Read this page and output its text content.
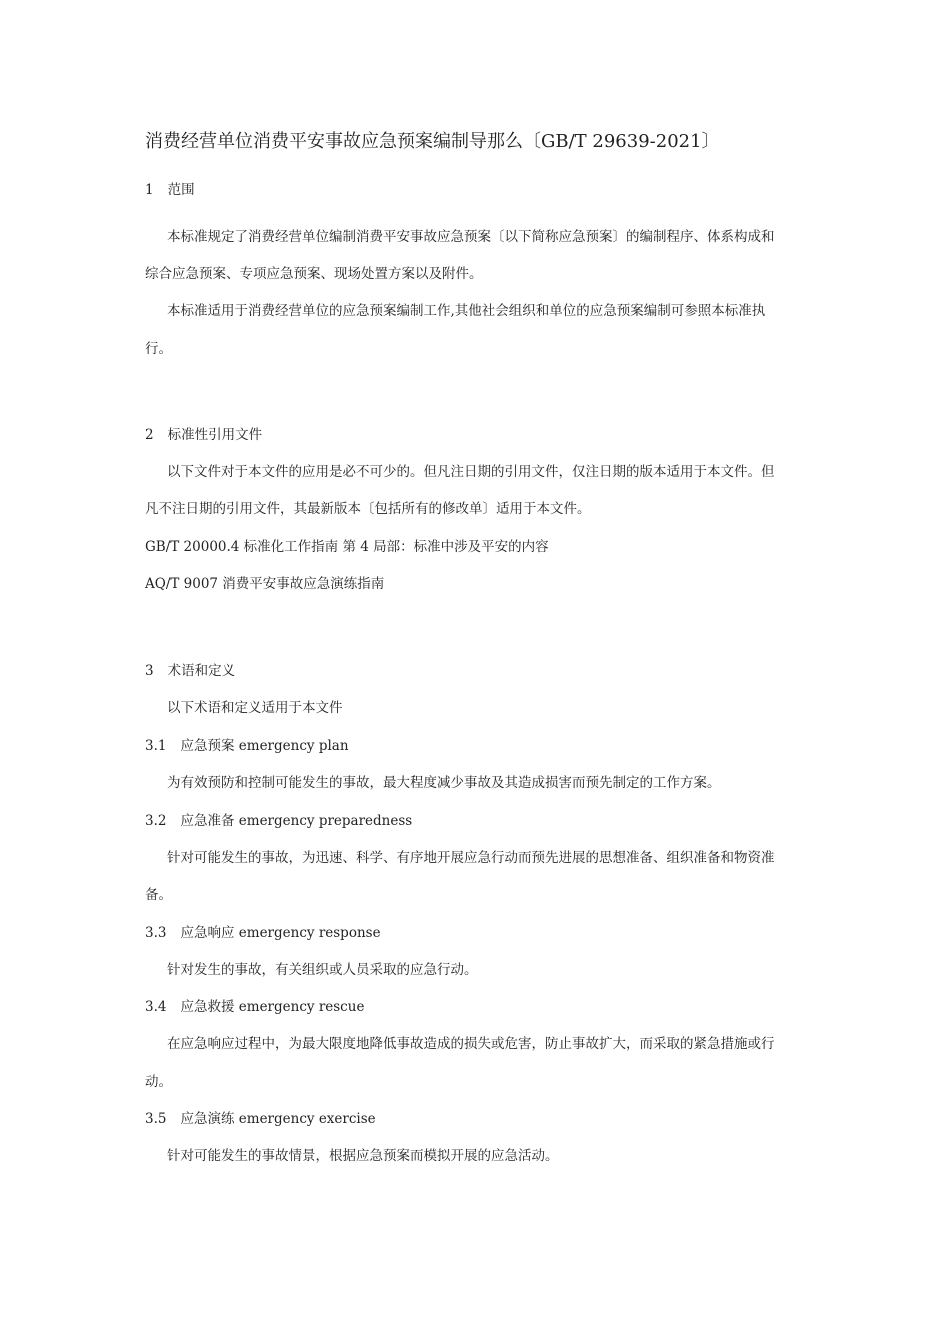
消费经营单位消费平安事故应急预案编制导那么〔GB/T 29639-2021〕
1 范围
本标准规定了消费经营单位编制消费平安事故应急预案〔以下简称应急预案〕的编制程序、体系构成和
综合应急预案、专项应急预案、现场处置方案以及附件。
本标准适用于消费经营单位的应急预案编制工作,其他社会组织和单位的应急预案编制可参照本标准执
行。
2 标准性引用文件
以下文件对于本文件的应用是必不可少的。但凡注日期的引用文件，仅注日期的版本适用于本文件。但
凡不注日期的引用文件，其最新版本〔包括所有的修改单〕适用于本文件。
GB/T 20000.4 标准化工作指南 第 4 局部：标准中涉及平安的内容
AQ/T 9007 消费平安事故应急演练指南
3 术语和定义
以下术语和定义适用于本文件
3.1 应急预案 emergency plan
为有效预防和控制可能发生的事故，最大程度减少事故及其造成损害而预先制定的工作方案。
3.2 应急准备 emergency preparedness
针对可能发生的事故，为迅速、科学、有序地开展应急行动而预先进展的思想准备、组织准备和物资准
备。
3.3 应急响应 emergency response
针对发生的事故，有关组织或人员采取的应急行动。
3.4 应急救援 emergency rescue
在应急响应过程中，为最大限度地降低事故造成的损失或危害，防止事故扩大，而采取的紧急措施或行
动。
3.5 应急演练 emergency exercise
针对可能发生的事故情景，根据应急预案而模拟开展的应急活动。
